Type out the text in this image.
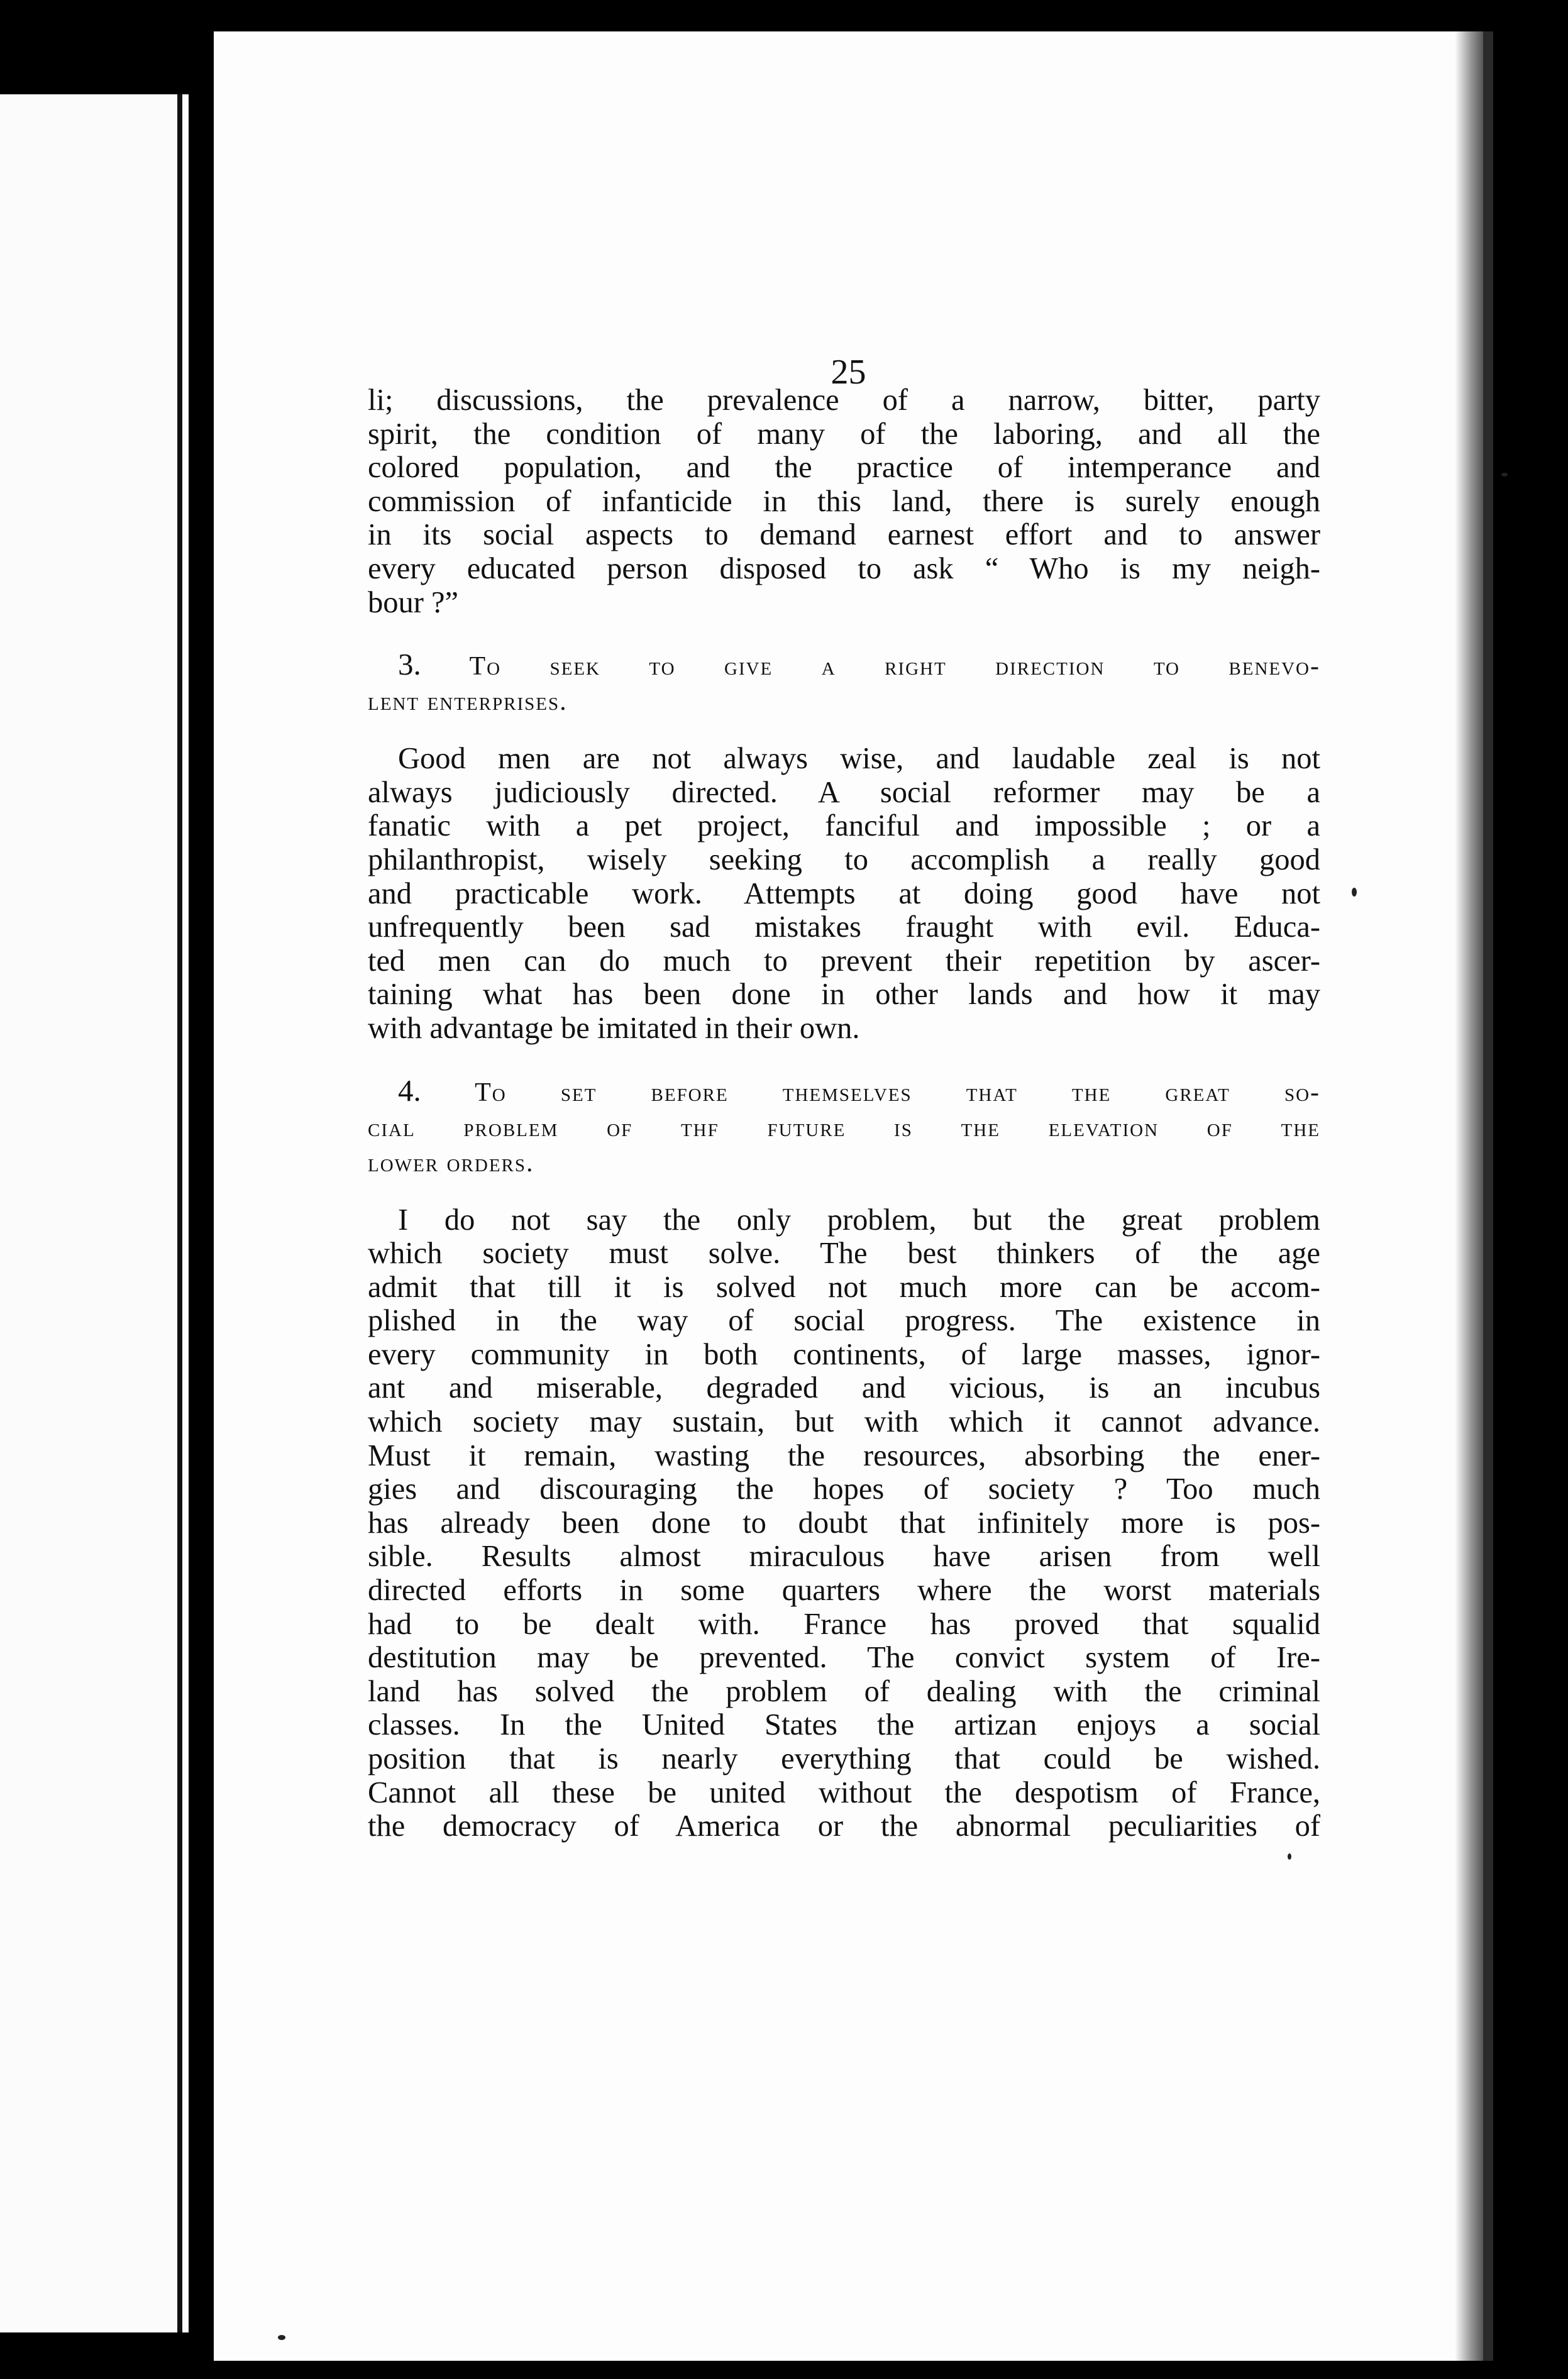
25
li; discussions, the prevalence of a narrow, bitter, party
spirit, the condition of many of the laboring, and all the
colored population, and the practice of intemperance and
commission of infanticide in this land, there is surely enough
in its social aspects to demand earnest effort and to answer
every educated person disposed to ask “ Who is my neigh-
bour ?”
3. To seek to give a right direction to benevo-
lent enterprises.
Good men are not always wise, and laudable zeal is not
always judiciously directed. A social reformer may be a
fanatic with a pet project, fanciful and impossible ; or a
philanthropist, wisely seeking to accomplish a really good
and practicable work. Attempts at doing good have not
unfrequently been sad mistakes fraught with evil. Educa-
ted men can do much to prevent their repetition by ascer-
taining what has been done in other lands and how it may
with advantage be imitated in their own.
4. To set before themselves that the great so-
cial problem of thf future is the elevation of the
lower orders.
I do not say the only problem, but the great problem
which society must solve. The best thinkers of the age
admit that till it is solved not much more can be accom-
plished in the way of social progress. The existence in
every community in both continents, of large masses, ignor-
ant and miserable, degraded and vicious, is an incubus
which society may sustain, but with which it cannot advance.
Must it remain, wasting the resources, absorbing the ener-
gies and discouraging the hopes of society ? Too much
has already been done to doubt that infinitely more is pos-
sible. Results almost miraculous have arisen from well
directed efforts in some quarters where the worst materials
had to be dealt with. France has proved that squalid
destitution may be prevented. The convict system of Ire-
land has solved the problem of dealing with the criminal
classes. In the United States the artizan enjoys a social
position that is nearly everything that could be wished.
Cannot all these be united without the despotism of France,
the democracy of America or the abnormal peculiarities of
